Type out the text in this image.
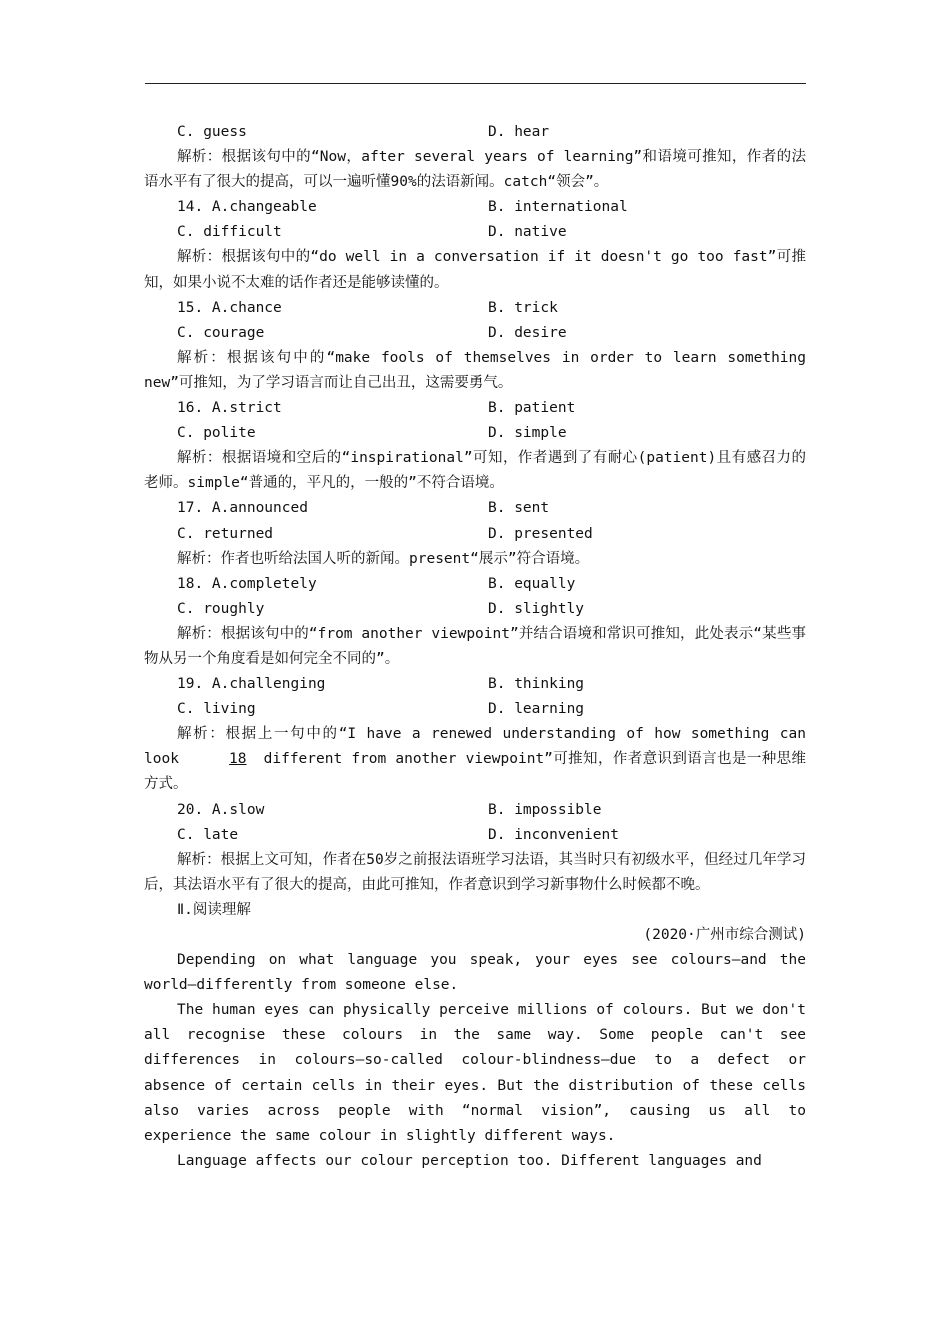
C. guess	D. hear
解析：根据该句中的“Now，after several years of learning”和语境可推知，作者的法语水平有了很大的提高，可以一遍听懂90%的法语新闻。catch“领会”。
14. A.changeable	B. international
C. difficult	D. native
解析：根据该句中的“do well in a conversation if it doesn't go too fast”可推知，如果小说不太难的话作者还是能够读懂的。
15. A.chance	B. trick
C. courage	D. desire
解析：根据该句中的“make fools of themselves in order to learn something new”可推知，为了学习语言而让自己出丑，这需要勇气。
16. A.strict	B. patient
C. polite	D. simple
解析：根据语境和空后的“inspirational”可知，作者遇到了有耐心(patient)且有感召力的老师。simple“普通的，平凡的，一般的”不符合语境。
17. A.announced	B. sent
C. returned	D. presented
解析：作者也听给法国人听的新闻。present“展示”符合语境。
18. A.completely	B. equally
C. roughly	D. slightly
解析：根据该句中的“from another viewpoint”并结合语境和常识可推知，此处表示“某些事物从另一个角度看是如何完全不同的”。
19. A.challenging	B. thinking
C. living	D. learning
解析：根据上一句中的“I have a renewed understanding of how something can look	18 different from another viewpoint”可推知，作者意识到语言也是一种思维方式。
20. A.slow	B. impossible
C. late	D. inconvenient
解析：根据上文可知，作者在50岁之前报法语班学习法语，其当时只有初级水平，但经过几年学习后，其法语水平有了很大的提高，由此可推知，作者意识到学习新事物什么时候都不晚。
Ⅱ.阅读理解
(2020·广州市综合测试)
Depending on what language you speak, your eyes see colours—and the world—differently from someone else.
The human eyes can physically perceive millions of colours. But we don't all recognise these colours in the same way. Some people can't see differences in colours—so-called colour-blindness—due to a defect or absence of certain cells in their eyes. But the distribution of these cells also varies across people with “normal vision”, causing us all to experience the same colour in slightly different ways.
Language affects our colour perception too. Different languages and
